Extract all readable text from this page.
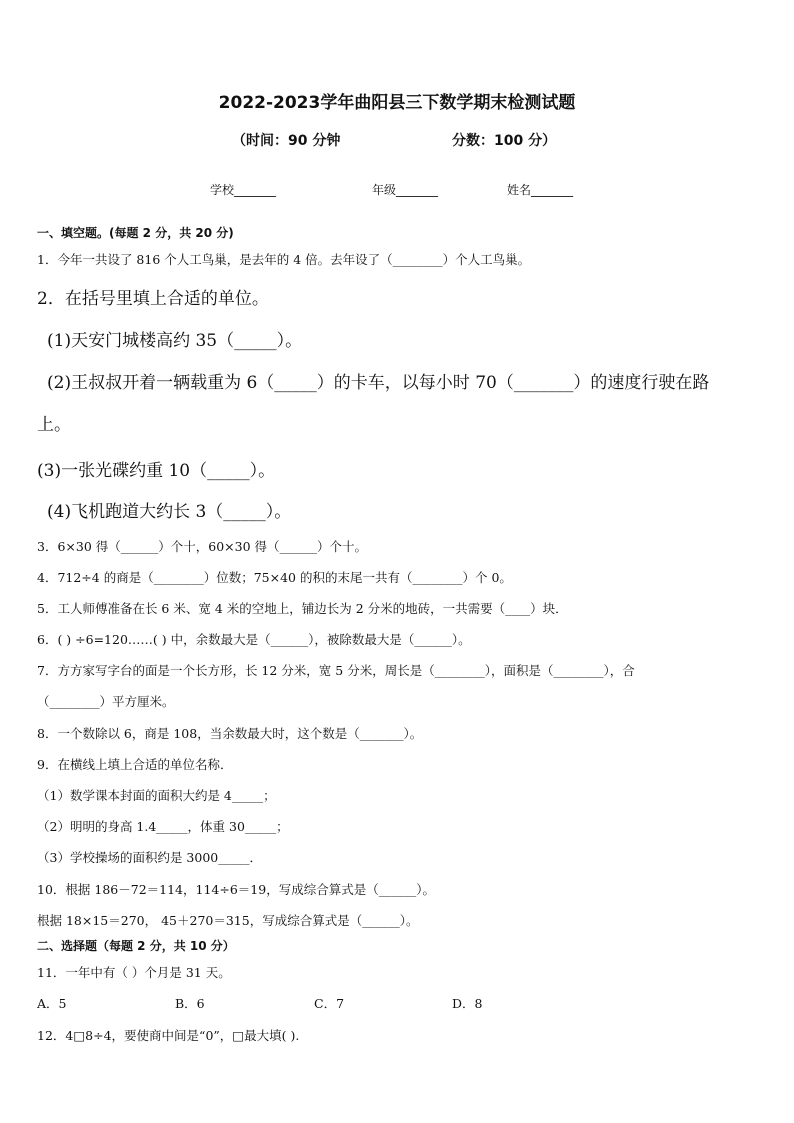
2022-2023学年曲阳县三下数学期末检测试题
（时间：90 分钟	分数：100 分）
学校_______	年级_______	姓名_______
一、填空题。(每题 2 分，共 20 分)
1．今年一共设了 816 个人工鸟巢，是去年的 4 倍。去年设了（________）个人工鸟巢。
2．在括号里填上合适的单位。
(1)天安门城楼高约 35（_____）。
(2)王叔叔开着一辆载重为 6（_____）的卡车，以每小时 70（_______）的速度行驶在路
上。
(3)一张光碟约重 10（_____）。
(4)飞机跑道大约长 3（_____）。
3．6×30 得（______）个十，60×30 得（______）个十。
4．712÷4 的商是（________）位数；75×40 的积的末尾一共有（________）个 0。
5．工人师傅准备在长 6 米、宽 4 米的空地上，铺边长为 2 分米的地砖，一共需要（____）块．
6．( ) ÷6=120……( ) 中，余数最大是（______），被除数最大是（______）。
7．方方家写字台的面是一个长方形，长 12 分米，宽 5 分米，周长是（________），面积是（________），合
（________）平方厘米。
8．一个数除以 6，商是 108，当余数最大时，这个数是（_______）。
9．在横线上填上合适的单位名称．
（1）数学课本封面的面积大约是 4_____；
（2）明明的身高 1.4_____，体重 30_____；
（3）学校操场的面积约是 3000_____．
10．根据 186－72＝114，114÷6＝19，写成综合算式是（______）。
根据 18×15＝270， 45＋270＝315，写成综合算式是（______）。
二、选择题（每题 2 分，共 10 分）
11．一年中有（ ）个月是 31 天。
A．5	B．6	C．7	D．8
12．4□8÷4，要使商中间是“0”，□最大填( ).
